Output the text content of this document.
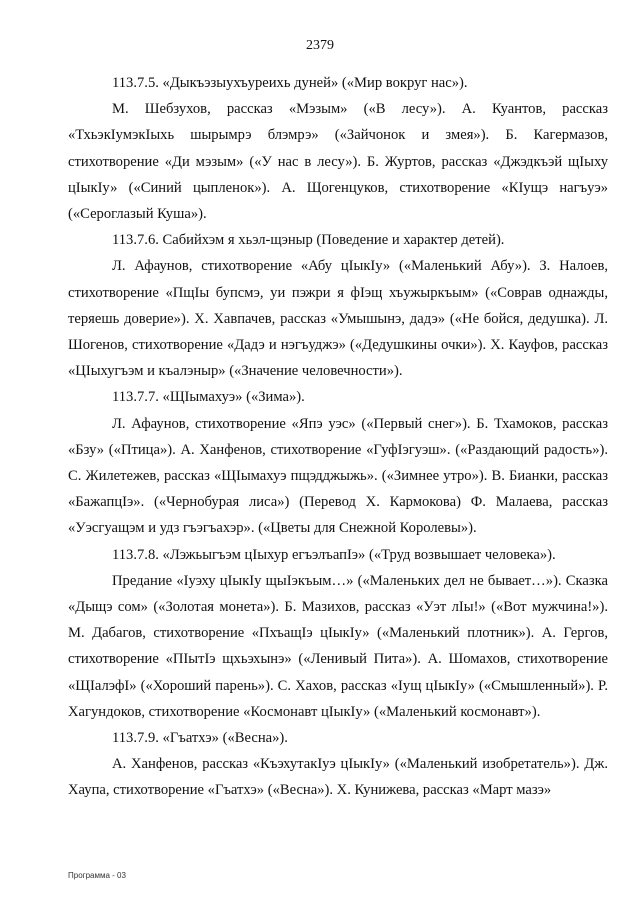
2379

113.7.5. «Дыкъэзыухъуреихь дуней» («Мир вокруг нас»).

М. Шебзухов, рассказ «Мэзым» («В лесу»). А. Куантов, рассказ «ТхьэкIумэкIыхь шырымрэ блэмрэ» («Зайчонок и змея»). Б. Кагермазов, стихотворение «Ди мэзым» («У нас в лесу»). Б. Журтов, рассказ «Джэдкъэй щIыху цIыкIу» («Синий цыпленок»). А. Щогенцуков, стихотворение «КIущэ нагъуэ» («Сероглазый Куша»).

113.7.6. Сабийхэм я хьэл-щэныр (Поведение и характер детей).

Л. Афаунов, стихотворение «Абу цIыкIу» («Маленький Абу»). З. Налоев, стихотворение «ПщIы бупсмэ, уи пэжри я фIэщ хъужыркъым» («Соврав однажды, теряешь доверие»). Х. Хавпачев, рассказ «Умышынэ, дадэ» («Не бойся, дедушка). Л. Шогенов, стихотворение «Дадэ и нэгъуджэ» («Дедушкины очки»). Х. Кауфов, рассказ «ЦIыхугъэм и къалэныр» («Значение человечности»).

113.7.7. «ЩIымахуэ» («Зима»).

Л. Афаунов, стихотворение «Япэ уэс» («Первый снег»). Б. Тхамоков, рассказ «Бзу» («Птица»). А. Ханфенов, стихотворение «ГуфIэгуэш». («Раздающий радость»). С. Жилетежев, рассказ «ЩIымахуэ пщэдджыжь». («Зимнее утро»). В. Бианки, рассказ «БажапцIэ». («Чернобурая лиса») (Перевод Х. Кармокова) Ф. Малаева, рассказ «Уэсгуащэм и удз гъэгъахэр». («Цветы для Снежной Королевы»).

113.7.8. «Лэжьыгъэм цIыхур егъэлъапIэ» («Труд возвышает человека»).

Предание «Iуэху цIыкIу щыIэкъым…» («Маленьких дел не бывает…»). Сказка «Дыщэ сом» («Золотая монета»). Б. Мазихов, рассказ «Уэт лIы!» («Вот мужчина!»). М. Дабагов, стихотворение «ПхъащIэ цIыкIу» («Маленький плотник»). А. Гергов, стихотворение «ПIытIэ щхьэхынэ» («Ленивый Пита»). А. Шомахов, стихотворение «ЩIалэфI» («Хороший парень»). С. Хахов, рассказ «Iущ цIыкIу» («Смышленный»). Р. Хагундоков, стихотворение «Космонавт цIыкIу» («Маленький космонавт»).

113.7.9. «Гъатхэ» («Весна»).

А. Ханфенов, рассказ «КъэхутакIуэ цIыкIу» («Маленький изобретатель»). Дж. Хаупа, стихотворение «Гъатхэ» («Весна»). Х. Кунижева, рассказ «Март мазэ»

Программа - 03
